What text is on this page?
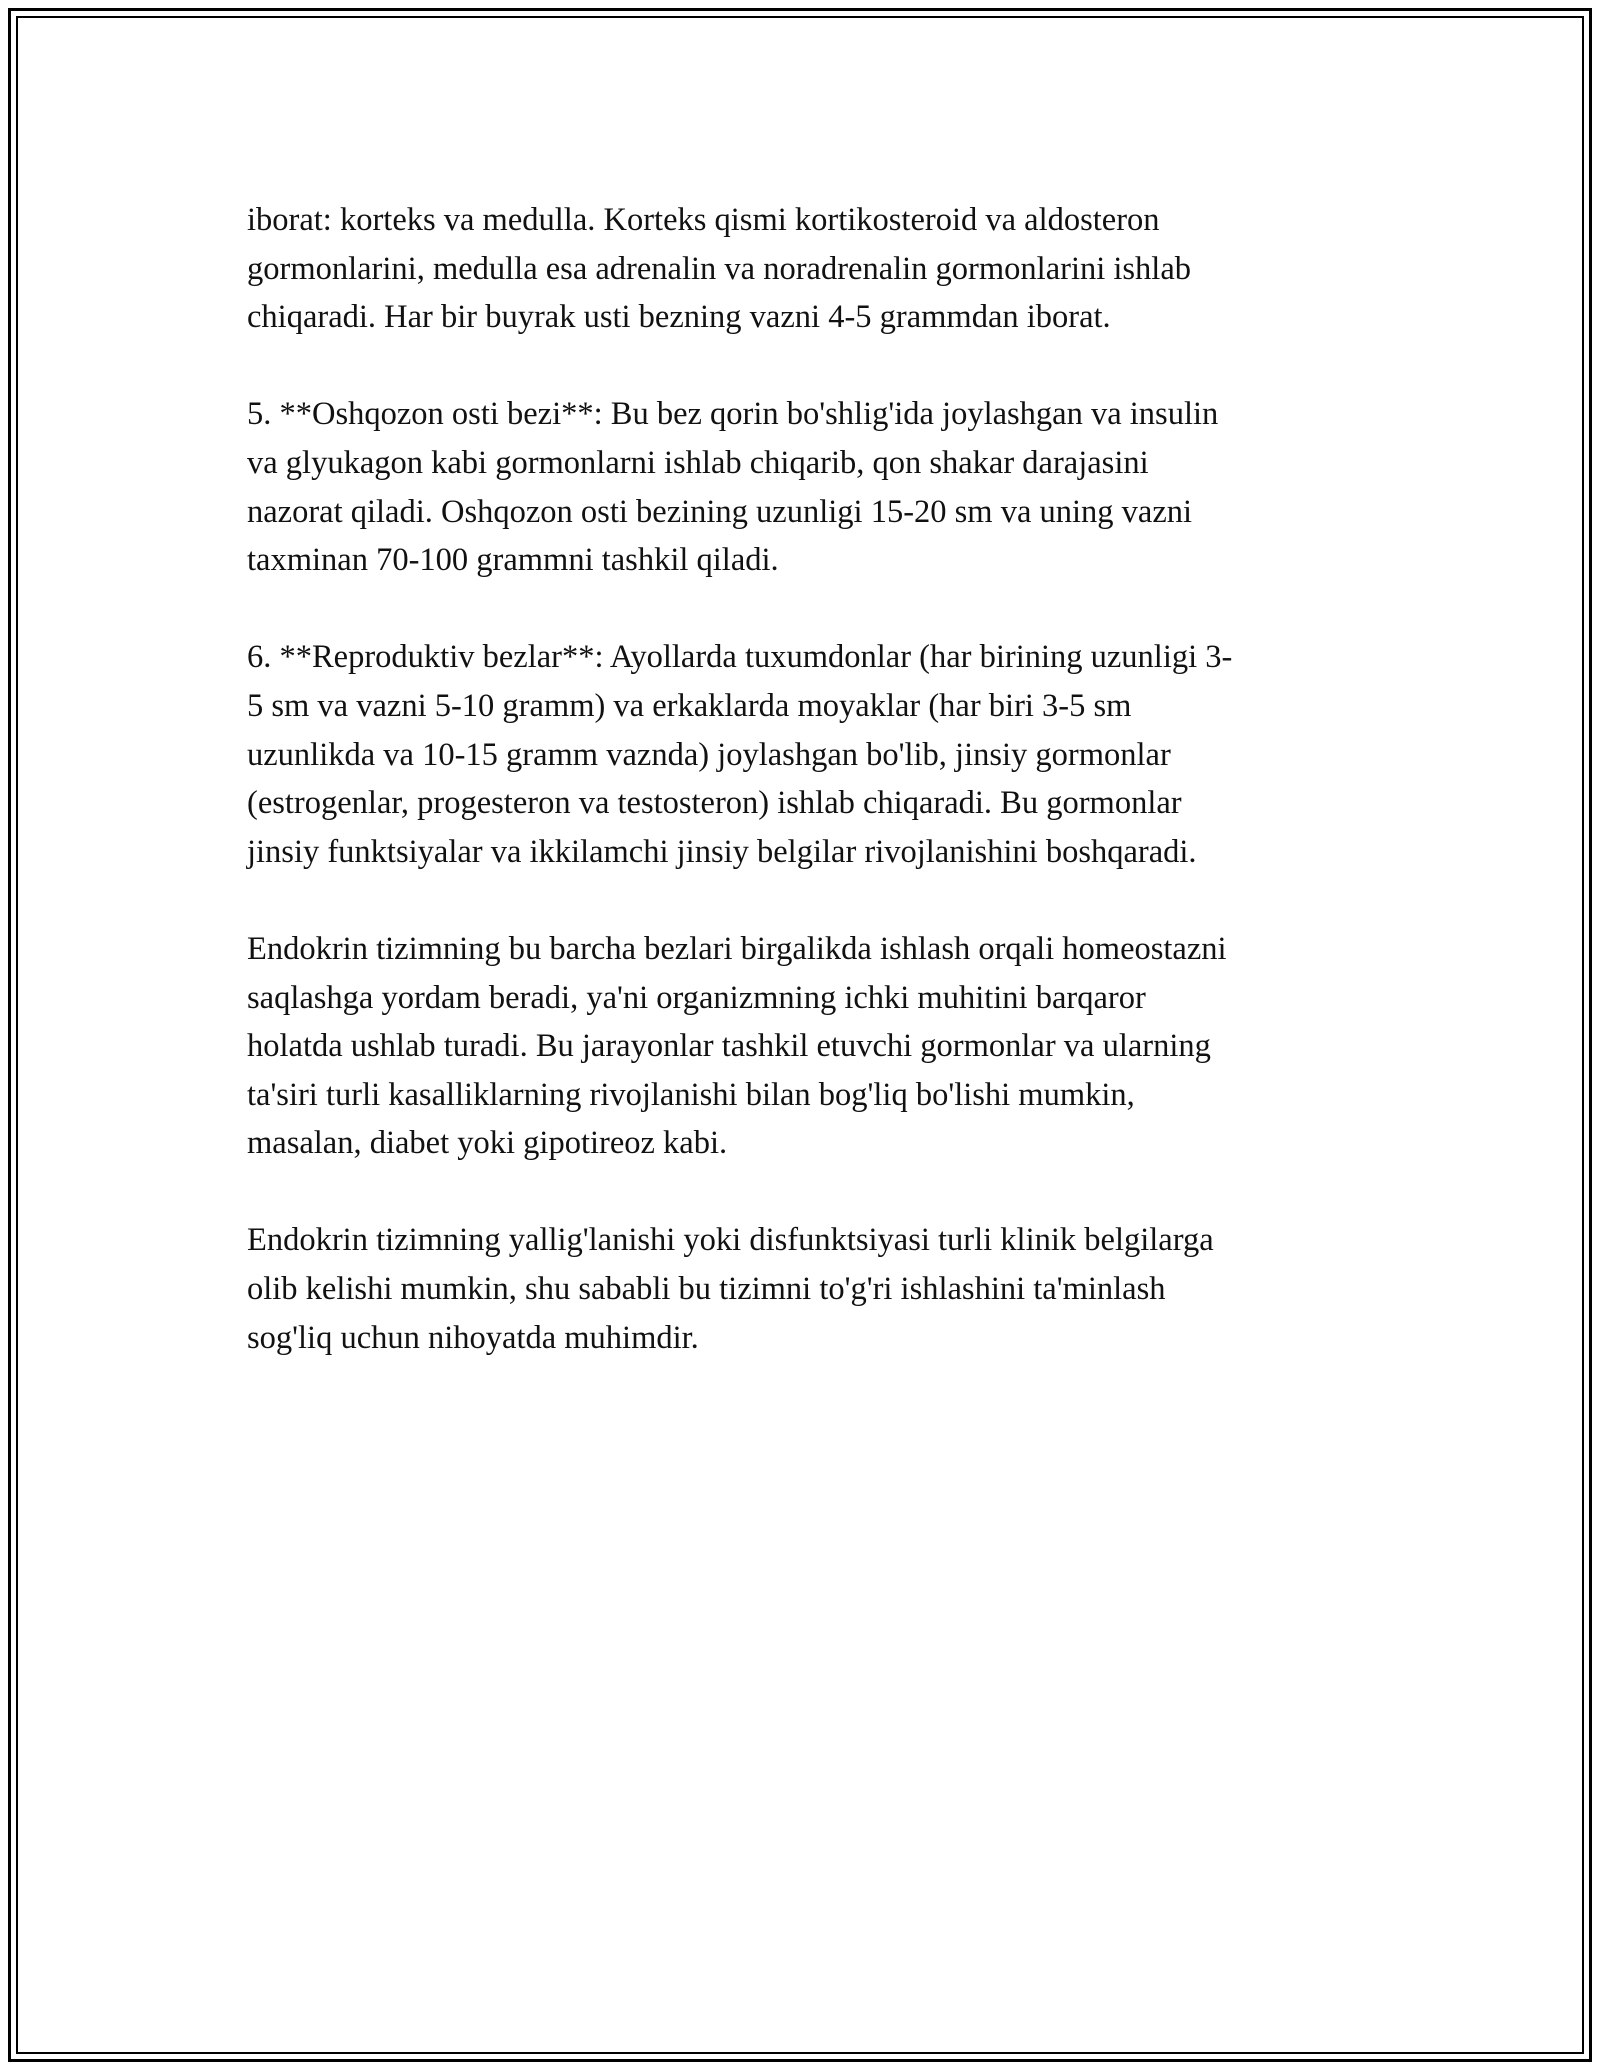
iborat: korteks va medulla. Korteks qismi kortikosteroid va aldosteron
gormonlarini, medulla esa adrenalin va noradrenalin gormonlarini ishlab
chiqaradi. Har bir buyrak usti bezning vazni 4-5 grammdan iborat.

5. **Oshqozon osti bezi**: Bu bez qorin bo'shlig'ida joylashgan va insulin
va glyukagon kabi gormonlarni ishlab chiqarib, qon shakar darajasini
nazorat qiladi. Oshqozon osti bezining uzunligi 15-20 sm va uning vazni
taxminan 70-100 grammni tashkil qiladi.

6. **Reproduktiv bezlar**: Ayollarda tuxumdonlar (har birining uzunligi 3-
5 sm va vazni 5-10 gramm) va erkaklarda moyaklar (har biri 3-5 sm
uzunlikda va 10-15 gramm vaznda) joylashgan bo'lib, jinsiy gormonlar
(estrogenlar, progesteron va testosteron) ishlab chiqaradi. Bu gormonlar
jinsiy funktsiyalar va ikkilamchi jinsiy belgilar rivojlanishini boshqaradi.

Endokrin tizimning bu barcha bezlari birgalikda ishlash orqali homeostazni
saqlashga yordam beradi, ya'ni organizmning ichki muhitini barqaror
holatda ushlab turadi. Bu jarayonlar tashkil etuvchi gormonlar va ularning
ta'siri turli kasalliklarning rivojlanishi bilan bog'liq bo'lishi mumkin,
masalan, diabet yoki gipotireoz kabi.

Endokrin tizimning yallig'lanishi yoki disfunktsiyasi turli klinik belgilarga
olib kelishi mumkin, shu sababli bu tizimni to'g'ri ishlashini ta'minlash
sog'liq uchun nihoyatda muhimdir.
